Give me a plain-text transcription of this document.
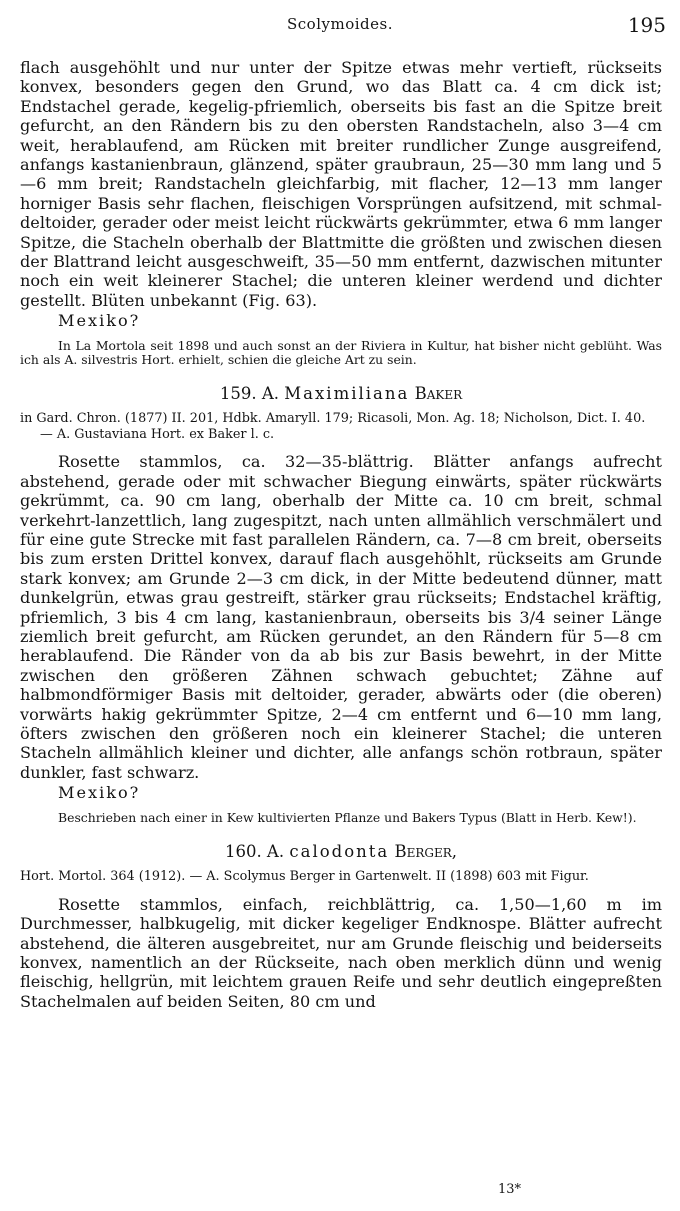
Scolymoides.	195

flach ausgehöhlt und nur unter der Spitze etwas mehr vertieft, rückseits konvex, besonders gegen den Grund, wo das Blatt ca. 4 cm dick ist; Endstachel gerade, kegelig-pfriemlich, oberseits bis fast an die Spitze breit gefurcht, an den Rändern bis zu den obersten Randstacheln, also 3—4 cm weit, herablaufend, am Rücken mit breiter rundlicher Zunge ausgreifend, anfangs kastanienbraun, glänzend, später graubraun, 25—30 mm lang und 5—6 mm breit; Randstacheln gleichfarbig, mit flacher, 12—13 mm langer horniger Basis sehr flachen, fleischigen Vorsprüngen aufsitzend, mit schmal-deltoider, gerader oder meist leicht rückwärts gekrümmter, etwa 6 mm langer Spitze, die Stacheln oberhalb der Blattmitte die größten und zwischen diesen der Blattrand leicht ausgeschweift, 35—50 mm entfernt, dazwischen mitunter noch ein weit kleinerer Stachel; die unteren kleiner werdend und dichter gestellt. Blüten unbekannt (Fig. 63).

Mexiko?

In La Mortola seit 1898 und auch sonst an der Riviera in Kultur, hat bisher nicht geblüht. Was ich als A. silvestris Hort. erhielt, schien die gleiche Art zu sein.

159. A. Maximiliana Baker

in Gard. Chron. (1877) II. 201, Hdbk. Amaryll. 179; Ricasoli, Mon. Ag. 18; Nicholson, Dict. I. 40. — A. Gustaviana Hort. ex Baker l. c.

Rosette stammlos, ca. 32—35-blättrig. Blätter anfangs aufrecht abstehend, gerade oder mit schwacher Biegung einwärts, später rückwärts gekrümmt, ca. 90 cm lang, oberhalb der Mitte ca. 10 cm breit, schmal verkehrt-lanzettlich, lang zugespitzt, nach unten allmählich verschmälert und für eine gute Strecke mit fast parallelen Rändern, ca. 7—8 cm breit, oberseits bis zum ersten Drittel konvex, darauf flach ausgehöhlt, rückseits am Grunde stark konvex; am Grunde 2—3 cm dick, in der Mitte bedeutend dünner, matt dunkelgrün, etwas grau gestreift, stärker grau rückseits; Endstachel kräftig, pfriemlich, 3 bis 4 cm lang, kastanienbraun, oberseits bis 3/4 seiner Länge ziemlich breit gefurcht, am Rücken gerundet, an den Rändern für 5—8 cm herablaufend. Die Ränder von da ab bis zur Basis bewehrt, in der Mitte zwischen den größeren Zähnen schwach gebuchtet; Zähne auf halbmondförmiger Basis mit deltoider, gerader, abwärts oder (die oberen) vorwärts hakig gekrümmter Spitze, 2—4 cm entfernt und 6—10 mm lang, öfters zwischen den größeren noch ein kleinerer Stachel; die unteren Stacheln allmählich kleiner und dichter, alle anfangs schön rotbraun, später dunkler, fast schwarz.

Mexiko?

Beschrieben nach einer in Kew kultivierten Pflanze und Bakers Typus (Blatt in Herb. Kew!).

160. A. calodonta Berger,

Hort. Mortol. 364 (1912). — A. Scolymus Berger in Gartenwelt. II (1898) 603 mit Figur.

Rosette stammlos, einfach, reichblättrig, ca. 1,50—1,60 m im Durchmesser, halbkugelig, mit dicker kegeliger Endknospe. Blätter aufrecht abstehend, die älteren ausgebreitet, nur am Grunde fleischig und beiderseits konvex, namentlich an der Rückseite, nach oben merklich dünn und wenig fleischig, hellgrün, mit leichtem grauen Reife und sehr deutlich eingepreßten Stachelmalen auf beiden Seiten, 80 cm und

13*
